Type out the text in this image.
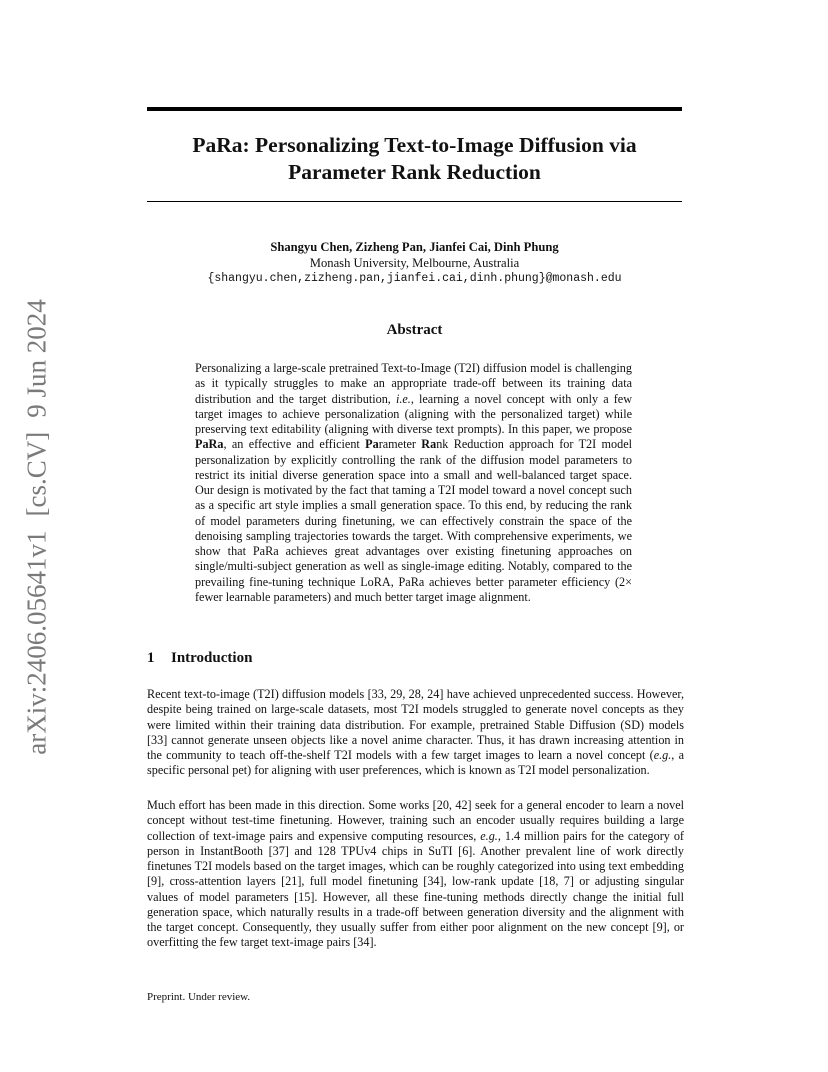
arXiv:2406.05641v1[cs.CV]9 Jun 2024
PaRa: Personalizing Text-to-Image Diffusion via
Parameter Rank Reduction
Shangyu Chen, Zizheng Pan, Jianfei Cai, Dinh Phung
Monash University, Melbourne, Australia
{shangyu.chen,zizheng.pan,jianfei.cai,dinh.phung}@monash.edu
Abstract
Personalizing a large-scale pretrained Text-to-Image (T2I) diffusion model is challenging as it typically struggles to make an appropriate trade-off between its training data distribution and the target distribution, i.e., learning a novel concept with only a few target images to achieve personalization (aligning with the personalized target) while preserving text editability (aligning with diverse text prompts). In this paper, we propose PaRa, an effective and efficient Parameter Rank Reduction approach for T2I model personalization by explicitly controlling the rank of the diffusion model parameters to restrict its initial diverse generation space into a small and well-balanced target space. Our design is motivated by the fact that taming a T2I model toward a novel concept such as a specific art style implies a small generation space. To this end, by reducing the rank of model parameters during finetuning, we can effectively constrain the space of the denoising sampling trajectories towards the target. With comprehensive experiments, we show that PaRa achieves great advantages over existing finetuning approaches on single/multi-subject generation as well as single-image editing. Notably, compared to the prevailing fine-tuning technique LoRA, PaRa achieves better parameter efficiency (2× fewer learnable parameters) and much better target image alignment.
1 Introduction

Recent text-to-image (T2I) diffusion models [33, 29, 28, 24] have achieved unprecedented success. However, despite being trained on large-scale datasets, most T2I models struggled to generate novel concepts as they were limited within their training data distribution. For example, pretrained Stable Diffusion (SD) models [33] cannot generate unseen objects like a novel anime character. Thus, it has drawn increasing attention in the community to teach off-the-shelf T2I models with a few target images to learn a novel concept (e.g., a specific personal pet) for aligning with user preferences, which is known as T2I model personalization.

Much effort has been made in this direction. Some works [20, 42] seek for a general encoder to learn a novel concept without test-time finetuning. However, training such an encoder usually requires building a large collection of text-image pairs and expensive computing resources, e.g., 1.4 million pairs for the category of person in InstantBooth [37] and 128 TPUv4 chips in SuTI [6]. Another prevalent line of work directly finetunes T2I models based on the target images, which can be roughly categorized into using text embedding [9], cross-attention layers [21], full model finetuning [34], low-rank update [18, 7] or adjusting singular values of model parameters [15]. However, all these fine-tuning methods directly change the initial full generation space, which naturally results in a trade-off between generation diversity and the alignment with the target concept. Consequently, they usually suffer from either poor alignment on the new concept [9], or overfitting the few target text-image pairs [34].

Preprint. Under review.
